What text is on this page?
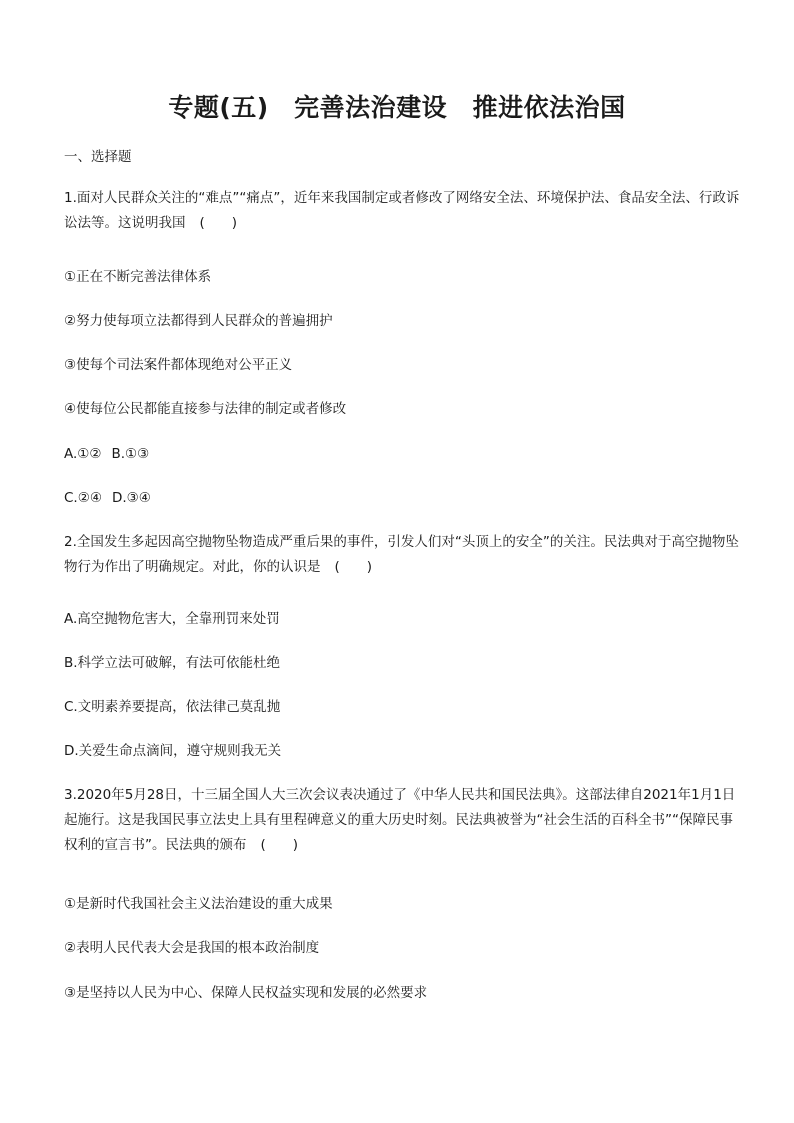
专题(五)　完善法治建设　推进依法治国
一、选择题
1.面对人民群众关注的“难点”“痛点”，近年来我国制定或者修改了网络安全法、环境保护法、食品安全法、行政诉讼法等。这说明我国 (　　)
①正在不断完善法律体系
②努力使每项立法都得到人民群众的普遍拥护
③使每个司法案件都体现绝对公平正义
④使每位公民都能直接参与法律的制定或者修改
A.①② B.①③
C.②④ D.③④
2.全国发生多起因高空抛物坠物造成严重后果的事件，引发人们对“头顶上的安全”的关注。民法典对于高空抛物坠物行为作出了明确规定。对此，你的认识是 (　　)
A.高空抛物危害大，全靠刑罚来处罚
B.科学立法可破解，有法可依能杜绝
C.文明素养要提高，依法律己莫乱抛
D.关爱生命点滴间，遵守规则我无关
3.2020年5月28日，十三届全国人大三次会议表决通过了《中华人民共和国民法典》。这部法律自2021年1月1日起施行。这是我国民事立法史上具有里程碑意义的重大历史时刻。民法典被誉为“社会生活的百科全书”“保障民事权利的宣言书”。民法典的颁布 (　　)
①是新时代我国社会主义法治建设的重大成果
②表明人民代表大会是我国的根本政治制度
③是坚持以人民为中心、保障人民权益实现和发展的必然要求
